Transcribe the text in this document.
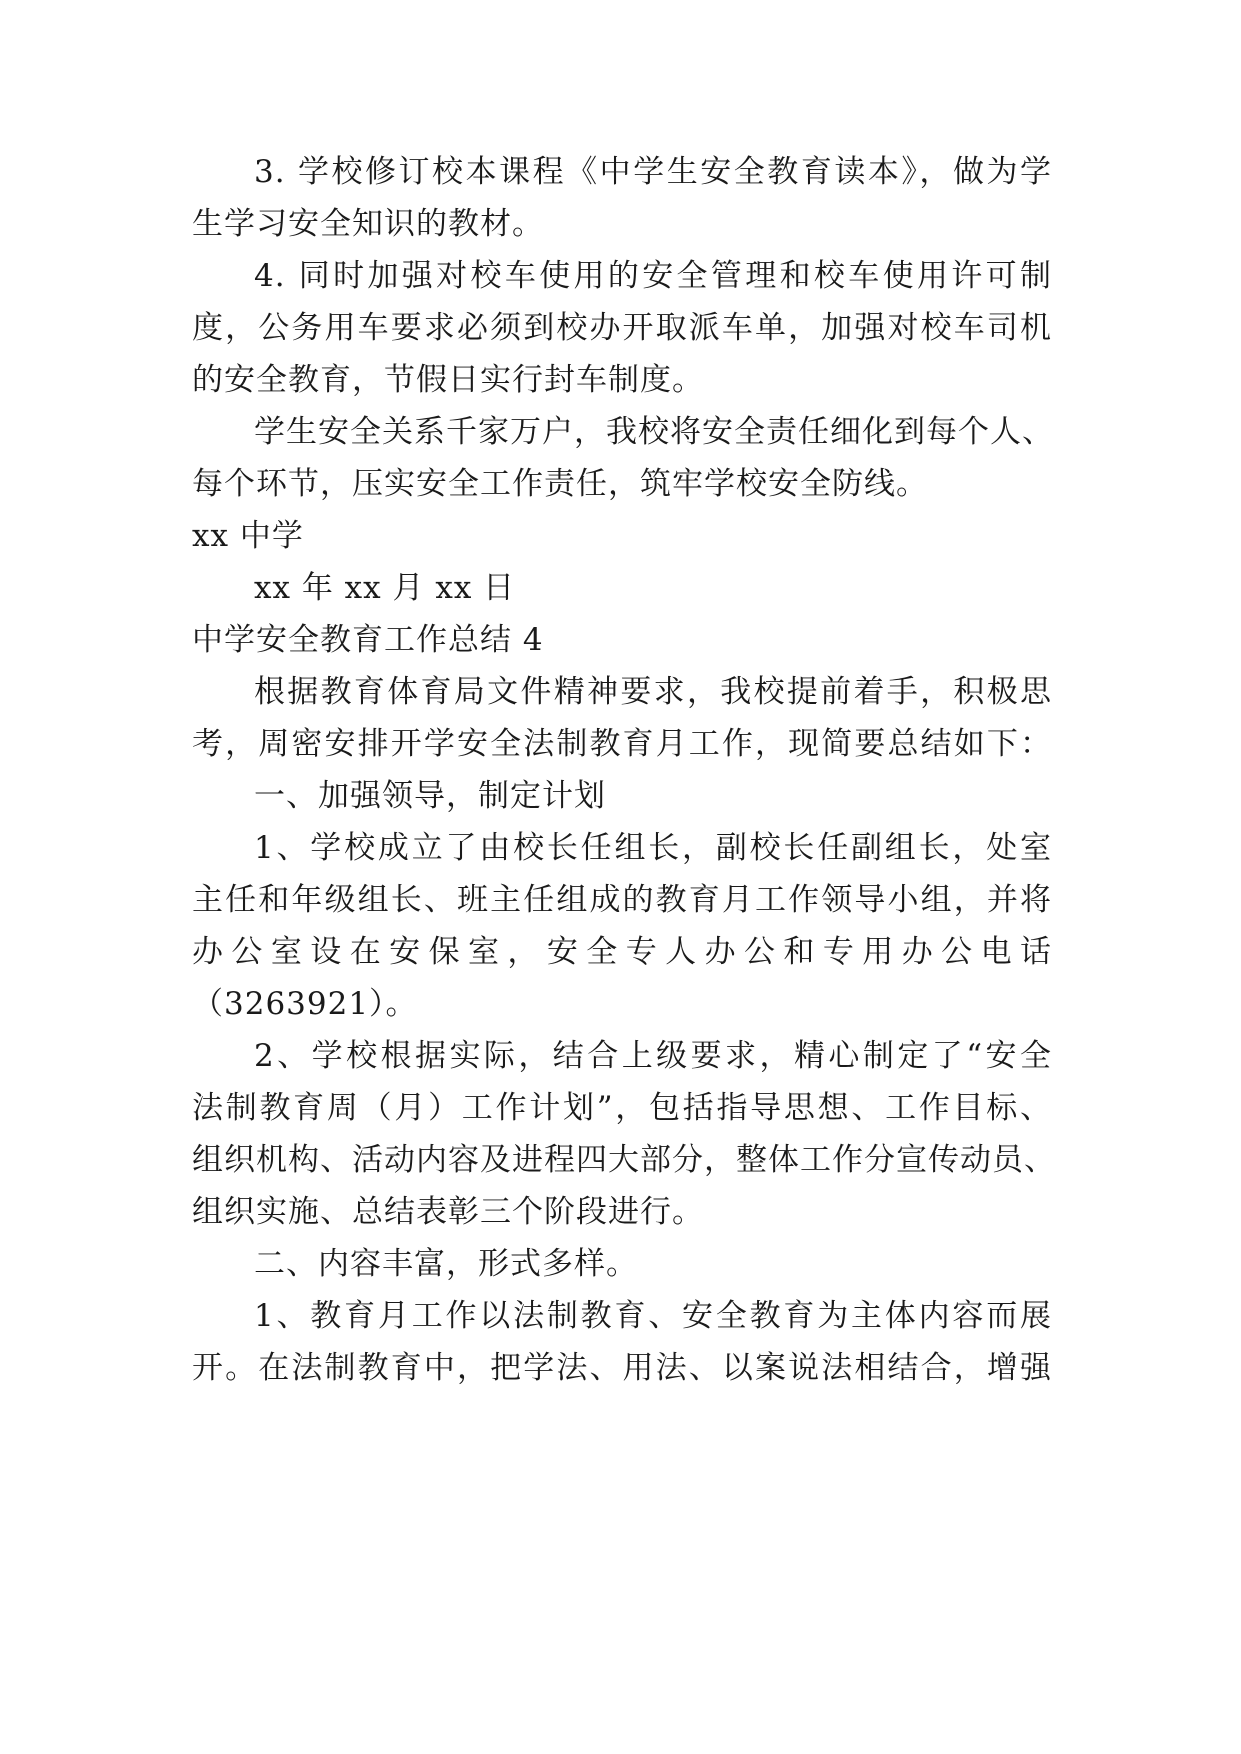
3. 学校修订校本课程《中学生安全教育读本》，做为学
生学习安全知识的教材。
4. 同时加强对校车使用的安全管理和校车使用许可制
度，公务用车要求必须到校办开取派车单，加强对校车司机
的安全教育，节假日实行封车制度。
学生安全关系千家万户，我校将安全责任细化到每个人、
每个环节，压实安全工作责任，筑牢学校安全防线。
xx 中学
xx 年 xx 月 xx 日
中学安全教育工作总结 4
根据教育体育局文件精神要求，我校提前着手，积极思
考，周密安排开学安全法制教育月工作，现简要总结如下：
一、加强领导，制定计划
1、学校成立了由校长任组长，副校长任副组长，处室
主任和年级组长、班主任组成的教育月工作领导小组，并将
办公室设在安保室，安全专人办公和专用办公电话
（3263921）。
2、学校根据实际，结合上级要求，精心制定了“安全
法制教育周（月）工作计划”，包括指导思想、工作目标、
组织机构、活动内容及进程四大部分，整体工作分宣传动员、
组织实施、总结表彰三个阶段进行。
二、内容丰富，形式多样。
1、教育月工作以法制教育、安全教育为主体内容而展
开。在法制教育中，把学法、用法、以案说法相结合，增强
